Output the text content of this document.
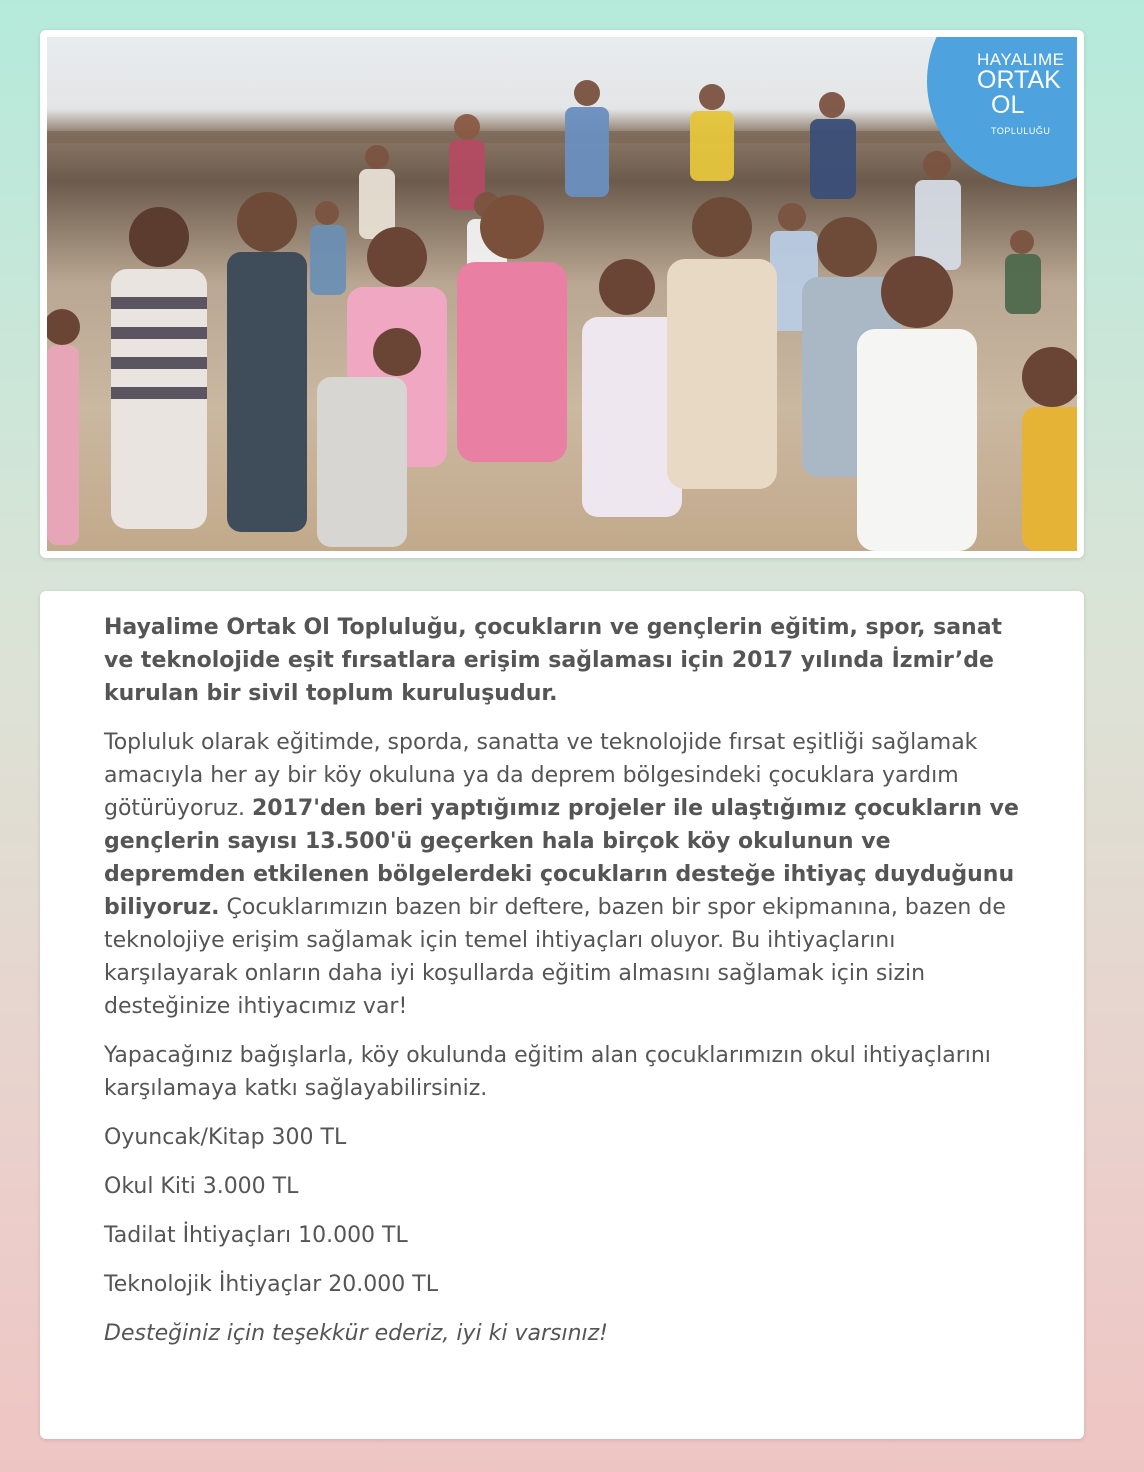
HAYALIME
ORTAK
OL
TOPLULUĞU

Hayalime Ortak Ol Topluluğu, çocukların ve gençlerin eğitim, spor, sanat ve teknolojide eşit fırsatlara erişim sağlaması için 2017 yılında İzmir’de kurulan bir sivil toplum kuruluşudur.

Topluluk olarak eğitimde, sporda, sanatta ve teknolojide fırsat eşitliği sağlamak amacıyla her ay bir köy okuluna ya da deprem bölgesindeki çocuklara yardım götürüyoruz. 2017'den beri yaptığımız projeler ile ulaştığımız çocukların ve gençlerin sayısı 13.500'ü geçerken hala birçok köy okulunun ve depremden etkilenen bölgelerdeki çocukların desteğe ihtiyaç duyduğunu biliyoruz. Çocuklarımızın bazen bir deftere, bazen bir spor ekipmanına, bazen de teknolojiye erişim sağlamak için temel ihtiyaçları oluyor. Bu ihtiyaçlarını karşılayarak onların daha iyi koşullarda eğitim almasını sağlamak için sizin desteğinize ihtiyacımız var!

Yapacağınız bağışlarla, köy okulunda eğitim alan çocuklarımızın okul ihtiyaçlarını karşılamaya katkı sağlayabilirsiniz.

Oyuncak/Kitap 300 TL

Okul Kiti 3.000 TL

Tadilat İhtiyaçları 10.000 TL

Teknolojik İhtiyaçlar 20.000 TL

Desteğiniz için teşekkür ederiz, iyi ki varsınız!
